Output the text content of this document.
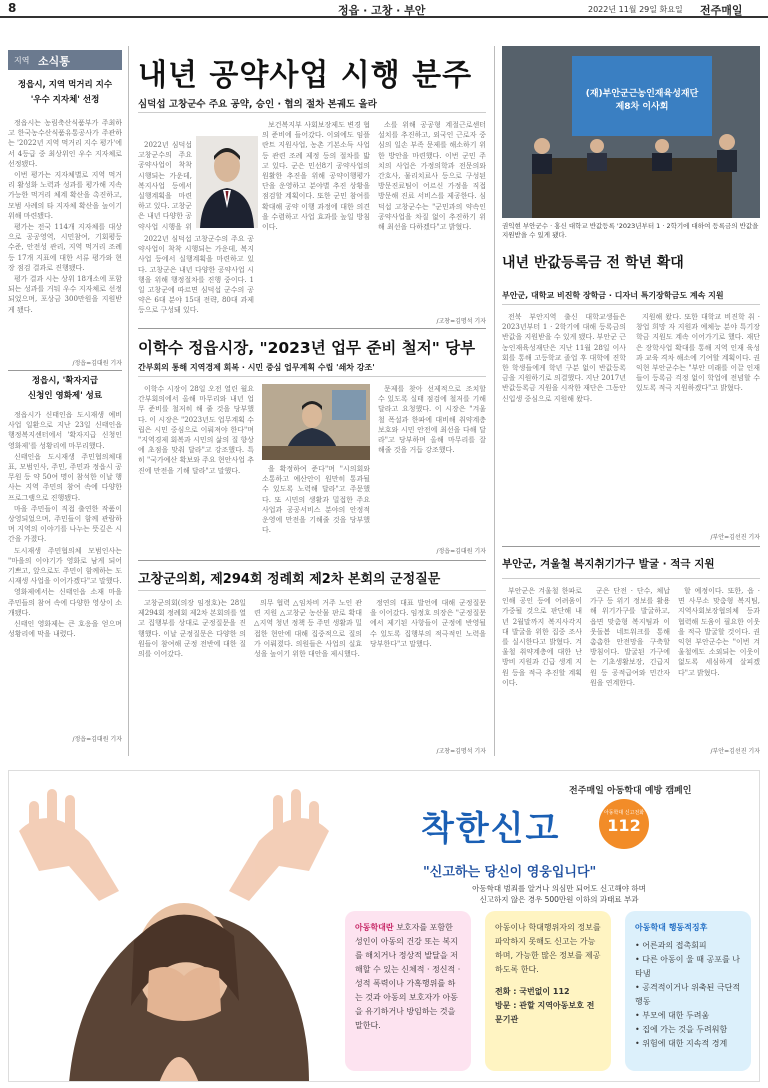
8	정읍 · 고창 · 부안	2022년 11월 29일 화요일 전주매일
지역 소식통
정읍시, 지역 먹거리 지수
'우수 지자체' 선정

정읍시는 농림축산식품부가 주최하고 한국농수산식품유통공사가 주관하는 '2022년 지역 먹거리 지수 평가'에서 4등급 중 최상위인 우수 지자체로 선정됐다.

이번 평가는 지자체별로 지역 먹거리 활성화 노력과 성과를 평가해 지속가능한 먹거리 체계 확산을 촉진하고, 모범 사례의 타 지자체 확산을 높이기 위해 마련됐다.

평가는 전국 114개 지자체를 대상으로 공공영역, 시민참여, 기회평등 수준, 안전성 관리, 지역 먹거리 조례 등 17개 지표에 대한 서류 평가와 현장 점검 결과로 진행됐다.

평가 결과 시는 상위 18개소에 포함되는 성과를 거둬 우수 지자체로 선정되었으며, 포상금 300만원을 지원받게 됐다.

/정읍=김대원 기자
정읍시, '확자지급
신청인 영화제' 성료

정읍시가 신태인읍 도시재생 예비사업 일환으로 지난 23일 신태인읍 행정복지센터에서 '확자지급 신청인 영화제'를 성황리에 마무리했다.

신태인읍 도시재생 주민협의체대표, 모범인사, 주민, 주민과 정읍시 공무원 등 약 50여 명이 참석한 이날 행사는 지역 주민의 참여 속에 다양한 프로그램으로 진행됐다.

마을 주민들이 직접 출연한 작품이 상영되었으며, 주민들이 함께 관람하며 지역의 이야기를 나누는 뜻깊은 시간을 가졌다.

도시재생 주민협의체 모범인사는 "마을의 이야기가 영화로 남게 되어 기쁘고, 앞으로도 주민이 함께하는 도시재생 사업을 이어가겠다"고 말했다.

영화제에서는 신태인읍 소재 마을 주민들의 참여 속에 다양한 영상이 소개됐다.

신태인 영화제는 큰 호응을 얻으며 성황리에 막을 내렸다.

/정읍=김대원 기자
내년 공약사업 시행 분주
심덕섭 고창군수 주요 공약, 승인 · 협의 절차 본궤도 올라

2022년 심덕섭 고창군수의 주요 공약사업이 착착 시행되는 가운데, 복지사업 등에서 실행계획을 마련하고 있다. 고창군은 내년 다양한 공약사업 시행을 위

2022년 심덕섭 고창군수의 주요 공약사업이 착착 시행되는 가운데, 복지사업 등에서 실행계획을 마련하고 있다. 고창군은 내년 다양한 공약사업 시행을 위해 행정절차를 진행 중이다. 1일 고창군에 따르면 심덕섭 군수의 공약은 6대 분야 15대 전략, 80대 과제 등으로 구성돼 있다.

보건복지부 사회보장제도 변경 협의 준비에 들어갔다. 이외에도 임플란트 지원사업, 농촌 기본소득 사업 등 관련 조례 제정 등의 절차를 밟고 있다. 군은 민선8기 공약사업의 원활한 추진을 위해 공약이행평가단을 운영하고 분야별 추진 상황을 점검할 계획이다. 또한 군민 참여를 확대해 공약 이행 과정에 대한 의견을 수렴하고 사업 효과를 높일 방침이다.

소를 위해 공공형 계절근로센터 설치를 추진하고, 외국인 근로자 중심의 일손 부족 문제를 해소하기 위한 방안을 마련했다. 이번 군민 주치의 사업은 가정의학과 전문의와 간호사, 물리치료사 등으로 구성된 방문진료팀이 어르신 가정을 직접 방문해 진료 서비스를 제공한다. 심덕섭 고창군수는 "군민과의 약속인 공약사업을 차질 없이 추진하기 위해 최선을 다하겠다"고 밝혔다.

/고창=김명석 기자
이학수 정읍시장, "2023년 업무 준비 철저" 당부
간부회의 통해 지역경제 회복 · 시민 중심 업무계획 수립 '쇄차 강조'

이학수 시장이 28일 오전 열린 월요 간부회의에서 올해 마무리와 내년 업무 준비를 철저히 해 줄 것을 당부했다. 이 시장은 "2023년도 업무계획 수립은 시민 중심으로 이뤄져야 한다"며 "지역경제 회복과 시민의 삶의 질 향상에 초점을 맞춰 달라"고 강조했다. 특히 "국가예산 확보와 주요 현안사업 추진에 만전을 기해 달라"고 말했다.	을 확정하여 준다"며 "시의회와 소통하고 예산안이 원만히 통과될 수 있도록 노력해 달라"고 주문했다. 또 시민의 생활과 밀접한 주요 사업과 공공서비스 분야의 안정적 운영에 만전을 기해줄 것을 당부했다.

문제를 찾아 선제적으로 조치할 수 있도록 실태 점검에 철저를 기해 달라고 요청했다. 이 시장은 "겨울철 폭설과 한파에 대비해 취약계층 보호와 시민 안전에 최선을 다해 달라"고 당부하며 올해 마무리를 잘 해줄 것을 거듭 강조했다.

/정읍=김대원 기자
고창군의회, 제294회 정례회 제2차 본회의 군정질문

고창군의회(의장 임정호)는 28일 제294회 정례회 제2차 본회의를 열고 집행부를 상대로 군정질문을 진행했다. 이날 군정질문은 다양한 의원들이 참여해 군정 전반에 대한 질의를 이어갔다.

의무 협력 △임차비 거주 노인 관련 지원 △고창군 농산물 판로 확대 △지역 청년 정책 등 주민 생활과 밀접한 현안에 대해 집중적으로 질의가 이뤄졌다. 의원들은 사업의 실효성을 높이기 위한 대안을 제시했다.

정연의 대표 발언에 대해 군정질문을 이어갔다. 임정호 의장은 "군정질문에서 제기된 사항들이 군정에 반영될 수 있도록 집행부의 적극적인 노력을 당부한다"고 말했다.

/고창=김명석 기자
(재)부안군근농인재육성재단 제8차 이사회
권익현 부안군수 · 홍신 대학교 반값등록 '2023년부터 1 · 2학기에 대하여 등록금의 반값을 지원받을 수 있게 됐다.
내년 반값등록금 전 학년 확대
부안군, 대학교 비진학 장학금 · 디자너 특기장학금도 계속 지원

전북 부안지역 출신 대학교생들은 2023년부터 1 · 2학기에 대해 등록금의 반값을 지원받을 수 있게 됐다. 부안군 근농인재육성재단은 지난 11월 28일 이사회를 통해 고등학교 졸업 후 대학에 진학한 학생들에게 학년 구분 없이 반값등록금을 지원하기로 의결했다. 지난 2017년 반값등록금 지원을 시작한 재단은 그동안 신입생 중심으로 지원해 왔다.

지원해 왔다. 또한 대학교 비진학 취 · 창업 희망 자 지원과 예체능 분야 특기장학금 지원도 계속 이어가기로 했다. 재단은 장학사업 확대를 통해 지역 인재 육성과 교육 격차 해소에 기여할 계획이다. 권익현 부안군수는 "부안 미래를 이끌 인재들이 등록금 걱정 없이 학업에 전념할 수 있도록 적극 지원하겠다"고 밝혔다.

/부안=김선진 기자
부안군, 겨울철 복지취기가구 발굴 · 적극 지원

부안군은 겨울철 한파로 인해 공인 등에 어려움이 가중될 것으로 판단해 내년 2월말까지 복지사각지대 발굴을 위한 집중 조사를 실시한다고 밝혔다. 겨울철 취약계층에 대한 난방비 지원과 긴급 생계 지원 등을 적극 추진할 계획이다.

군은 단전 · 단수, 체납 가구 등 위기 정보를 활용해 위기가구를 발굴하고, 읍면 맞춤형 복지팀과 이웃돌봄 네트워크를 통해 촘촘한 안전망을 구축할 방침이다. 발굴된 가구에는 기초생활보장, 긴급지원 등 공적급여와 민간자원을 연계한다.

할 예정이다. 또한, 읍 · 면 사무소 맞춤형 복지팀, 지역사회보장협의체 등과 협력해 도움이 필요한 이웃을 적극 발굴할 것이다. 권익현 부안군수는 "이번 겨울철에도 소외되는 이웃이 없도록 세심하게 살피겠다"고 밝혔다.

/부안=김선진 기자
전주매일 아동학대 예방 캠페인
착한신고	아동학대 신고전화
112
"신고하는 당신이 영웅입니다"
아동학대 범죄를 알거나 의심만 되어도 신고해야 하며
신고하지 않은 경우 500만원 이하의 과태료 부과
아동학대란 보호자를 포함한 성인이 아동의 건강 또는 복지를 해치거나 정상적 발달을 저해할 수 있는 신체적 · 정신적 · 성적 폭력이나 가혹행위를 하는 것과 아동의 보호자가 아동을 유기하거나 방임하는 것을 말한다.
아동이나 학대행위자의 정보를 파악하지 못해도 신고는 가능하며, 가능한 많은 정보를 제공하도록 한다.
전화 : 국번없이 112
방문 : 관할 지역아동보호 전문기관
아동학대 행동적징후
• 어른과의 접촉회피
• 다른 아동이 울 때 공포를 나타냄
• 공격적이거나 위축된 극단적 행동
• 부모에 대한 두려움
• 집에 가는 것을 두려워함
• 위험에 대한 지속적 경계
